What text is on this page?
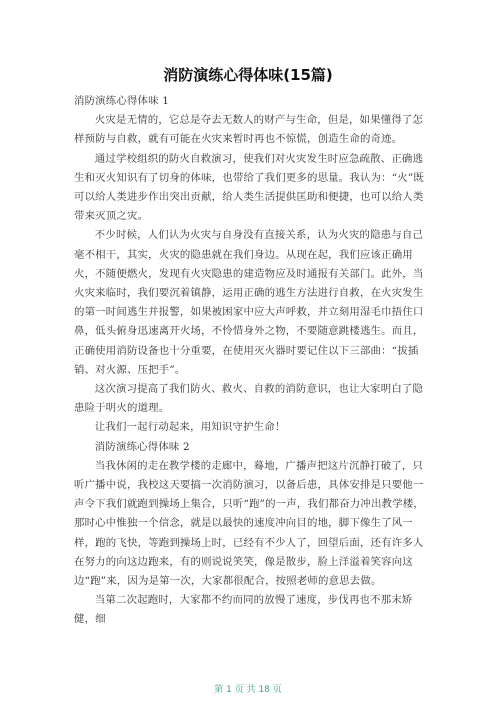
消防演练心得体味(15篇)

消防演练心得体味 1

火灾是无情的，它总是夺去无数人的财产与生命，但是，如果懂得了怎样预防与自救，就有可能在火灾来暂时再也不惊慌，创造生命的奇迹。

通过学校组织的防火自救演习，使我们对火灾发生时应急疏散、正确逃生和灭火知识有了切身的体味，也带给了我们更多的思量。我认为：“火”既可以给人类进步作出突出贡献，给人类生活提供匡助和便捷，也可以给人类带来灭顶之灾。

不少时候，人们认为火灾与自身没有直接关系，认为火灾的隐患与自己毫不相干，其实，火灾的隐患就在我们身边。从现在起，我们应该正确用火，不随便燃火，发现有火灾隐患的建造物应及时通报有关部门。此外，当火灾来临时，我们要沉着镇静，运用正确的逃生方法进行自救，在火灾发生的第一时间逃生并报警，如果被困家中应大声呼救，并立刻用湿毛巾捂住口鼻，低头俯身迅速离开火场，不怜惜身外之物，不要随意跳楼逃生。而且，正确使用消防设备也十分重要，在使用灭火器时要记住以下三部曲：“拔插销、对火源、压把手”。

这次演习提高了我们防火、救火、自救的消防意识，也让大家明白了隐患险于明火的道理。

让我们一起行动起来，用知识守护生命！

消防演练心得体味 2

当我休闲的走在教学楼的走廊中，蓦地，广播声把这片沉静打破了，只听广播中说，我校这天要搞一次消防演习，以备后患，具体安排是只要他一声令下我们就跑到操场上集合，只听“跑”的一声，我们都奋力冲出教学楼，那时心中惟独一个信念，就是以最快的速度冲向目的地，脚下像生了风一样，跑的飞快，等跑到操场上时，已经有不少人了，回望后面，还有许多人在努力的向这边跑来，有的则说说笑笑，像是散步，脸上洋溢着笑容向这边“跑”来，因为是第一次，大家都很配合，按照老师的意思去做。

当第二次起跑时，大家都不约而同的放慢了速度，步伐再也不那末矫健，细

第 1 页 共 18 页
